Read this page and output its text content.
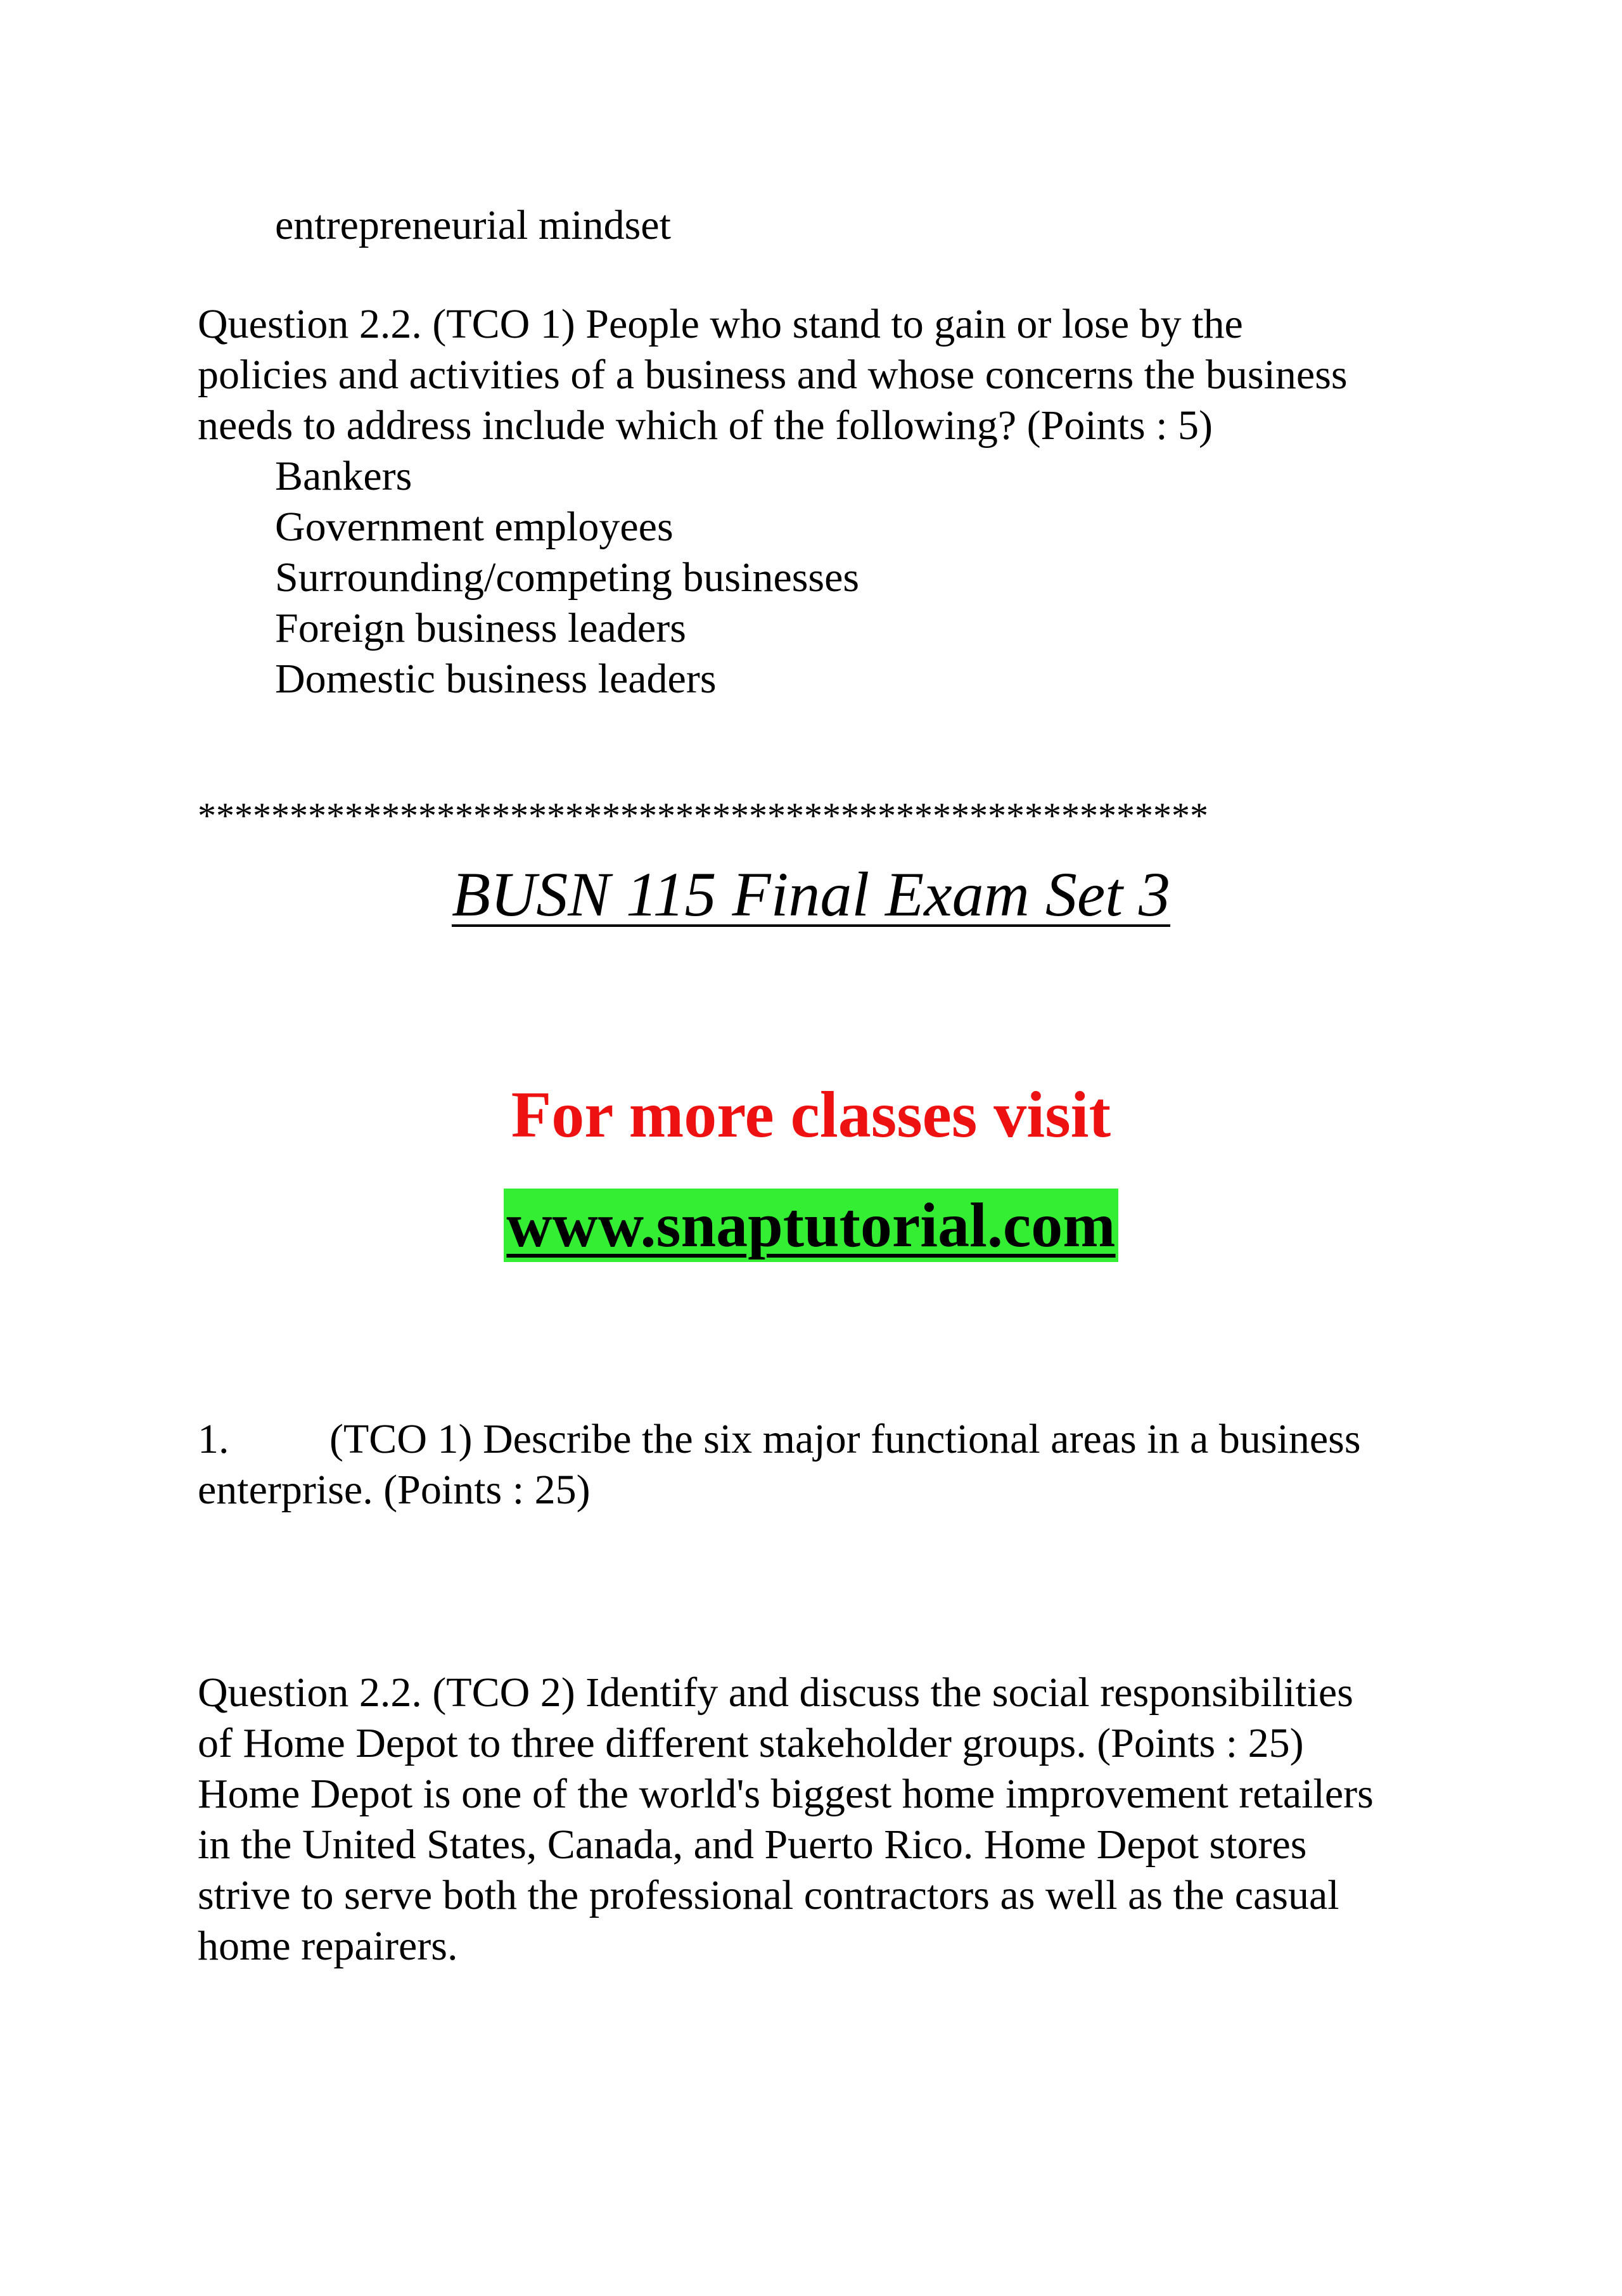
entrepreneurial mindset

Question 2.2. (TCO 1) People who stand to gain or lose by the

policies and activities of a business and whose concerns the business

needs to address include which of the following? (Points : 5)

Bankers

Government employees

Surrounding/competing businesses

Foreign business leaders

Domestic business leaders

*******************************************************
BUSN 115 Final Exam Set 3
For more classes visit
www.snaptutorial.com
1. (TCO 1) Describe the six major functional areas in a business

enterprise. (Points : 25)

Question 2.2. (TCO 2) Identify and discuss the social responsibilities

of Home Depot to three different stakeholder groups. (Points : 25)

Home Depot is one of the world's biggest home improvement retailers

in the United States, Canada, and Puerto Rico. Home Depot stores

strive to serve both the professional contractors as well as the casual

home repairers.
